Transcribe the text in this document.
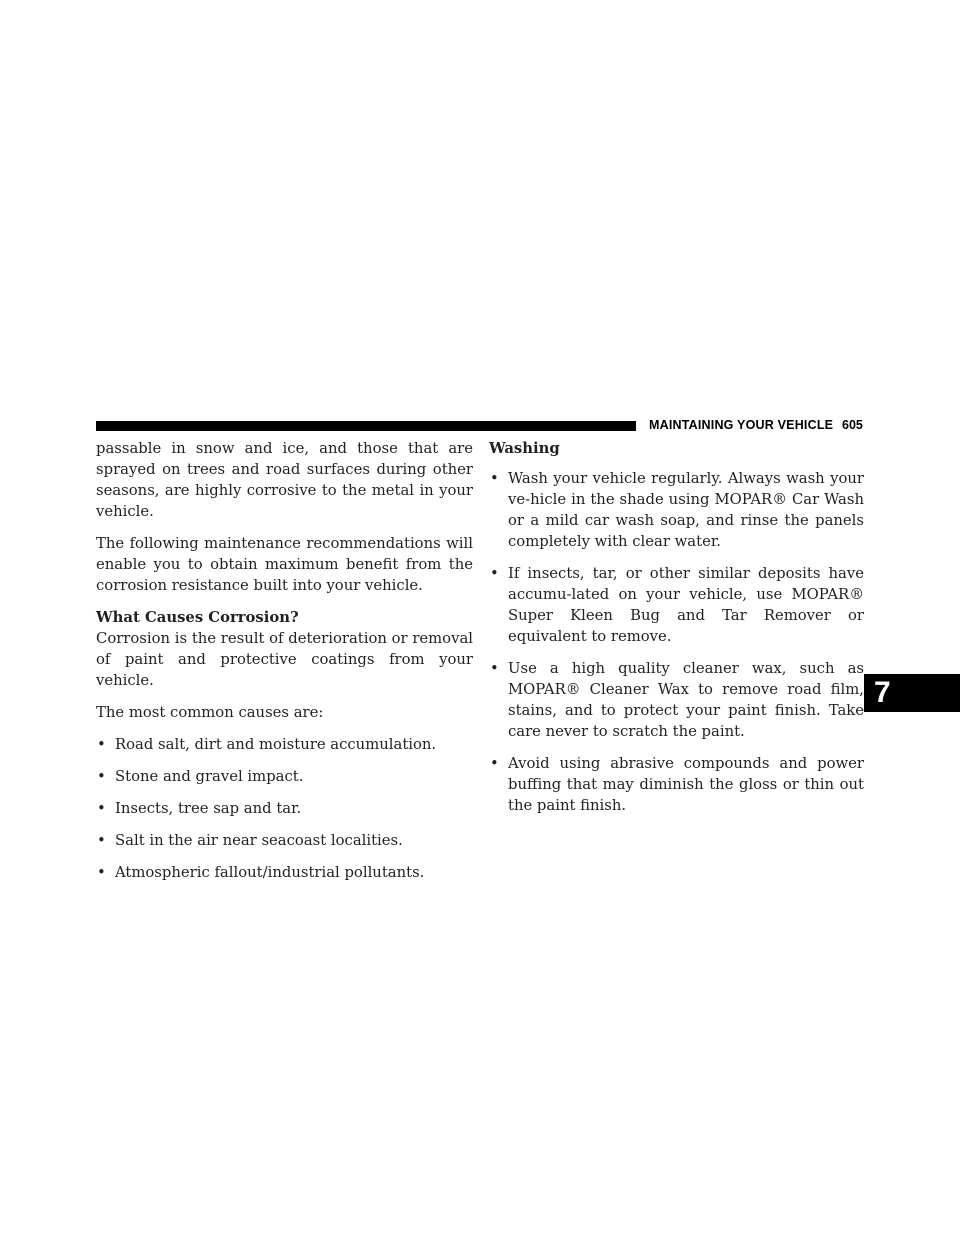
MAINTAINING YOUR VEHICLE 605
7

passable in snow and ice, and those that are sprayed on trees and road surfaces during other seasons, are highly corrosive to the metal in your vehicle.

The following maintenance recommendations will enable you to obtain maximum benefit from the corrosion resistance built into your vehicle.

What Causes Corrosion?

Corrosion is the result of deterioration or removal of paint and protective coatings from your vehicle.

The most common causes are:

• Road salt, dirt and moisture accumulation.
• Stone and gravel impact.
• Insects, tree sap and tar.
• Salt in the air near seacoast localities.
• Atmospheric fallout/industrial pollutants.
Washing
• Wash your vehicle regularly. Always wash your ve-hicle in the shade using MOPAR® Car Wash or a mild car wash soap, and rinse the panels completely with clear water.
• If insects, tar, or other similar deposits have accumu-lated on your vehicle, use MOPAR® Super Kleen Bug and Tar Remover or equivalent to remove.
• Use a high quality cleaner wax, such as MOPAR® Cleaner Wax to remove road film, stains, and to protect your paint finish. Take care never to scratch the paint.
• Avoid using abrasive compounds and power buffing that may diminish the gloss or thin out the paint finish.
